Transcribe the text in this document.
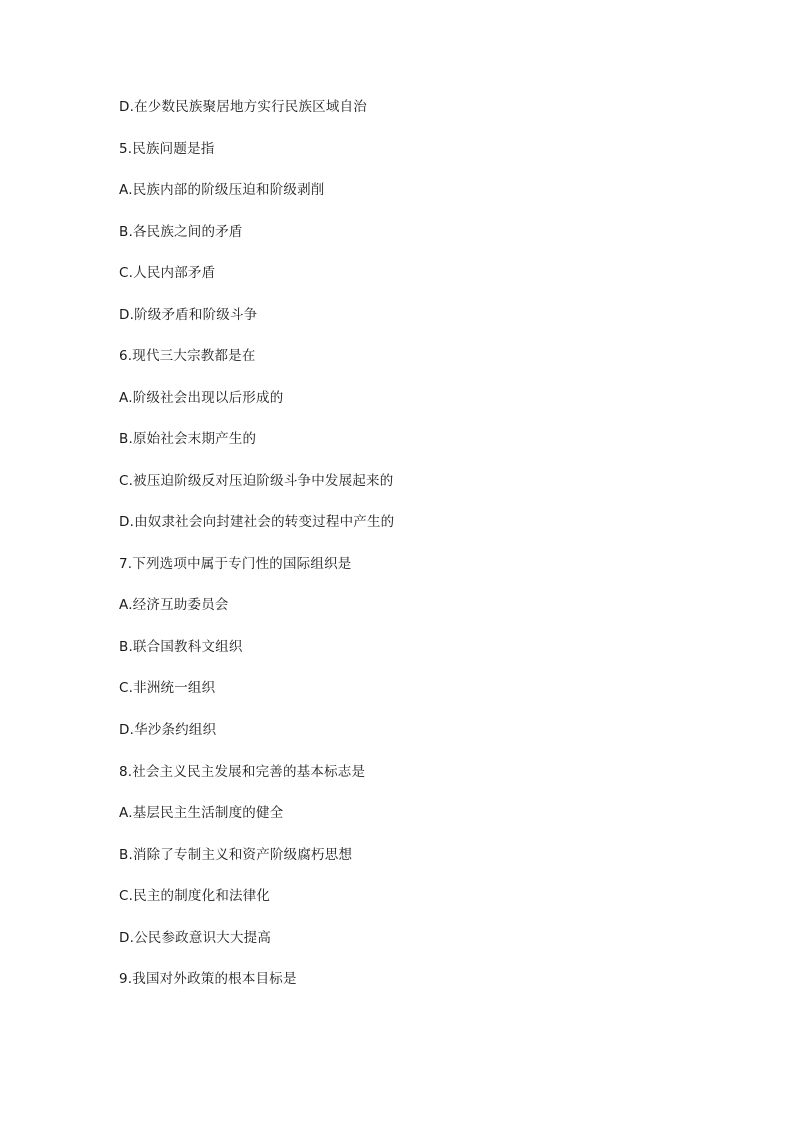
D.在少数民族聚居地方实行民族区域自治
5.民族问题是指
A.民族内部的阶级压迫和阶级剥削
B.各民族之间的矛盾
C.人民内部矛盾
D.阶级矛盾和阶级斗争
6.现代三大宗教都是在
A.阶级社会出现以后形成的
B.原始社会末期产生的
C.被压迫阶级反对压迫阶级斗争中发展起来的
D.由奴隶社会向封建社会的转变过程中产生的
7.下列选项中属于专门性的国际组织是
A.经济互助委员会
B.联合国教科文组织
C.非洲统一组织
D.华沙条约组织
8.社会主义民主发展和完善的基本标志是
A.基层民主生活制度的健全
B.消除了专制主义和资产阶级腐朽思想
C.民主的制度化和法律化
D.公民参政意识大大提高
9.我国对外政策的根本目标是
